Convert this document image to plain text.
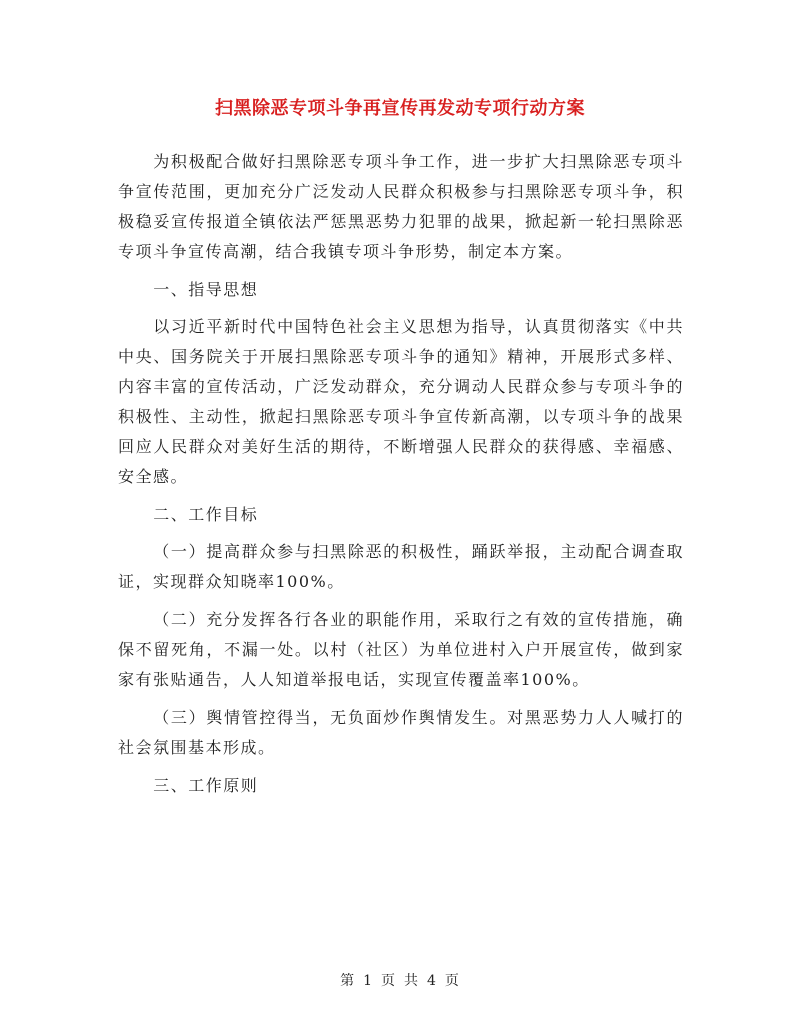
扫黑除恶专项斗争再宣传再发动专项行动方案

为积极配合做好扫黑除恶专项斗争工作，进一步扩大扫黑除恶专项斗争宣传范围，更加充分广泛发动人民群众积极参与扫黑除恶专项斗争，积极稳妥宣传报道全镇依法严惩黑恶势力犯罪的战果，掀起新一轮扫黑除恶专项斗争宣传高潮，结合我镇专项斗争形势，制定本方案。

一、指导思想

以习近平新时代中国特色社会主义思想为指导，认真贯彻落实《中共中央、国务院关于开展扫黑除恶专项斗争的通知》精神，开展形式多样、内容丰富的宣传活动，广泛发动群众，充分调动人民群众参与专项斗争的积极性、主动性，掀起扫黑除恶专项斗争宣传新高潮，以专项斗争的战果回应人民群众对美好生活的期待，不断增强人民群众的获得感、幸福感、安全感。

二、工作目标

（一）提高群众参与扫黑除恶的积极性，踊跃举报，主动配合调查取证，实现群众知晓率100%。

（二）充分发挥各行各业的职能作用，采取行之有效的宣传措施，确保不留死角，不漏一处。以村（社区）为单位进村入户开展宣传，做到家家有张贴通告，人人知道举报电话，实现宣传覆盖率100%。

（三）舆情管控得当，无负面炒作舆情发生。对黑恶势力人人喊打的社会氛围基本形成。

三、工作原则

第 1 页 共 4 页
